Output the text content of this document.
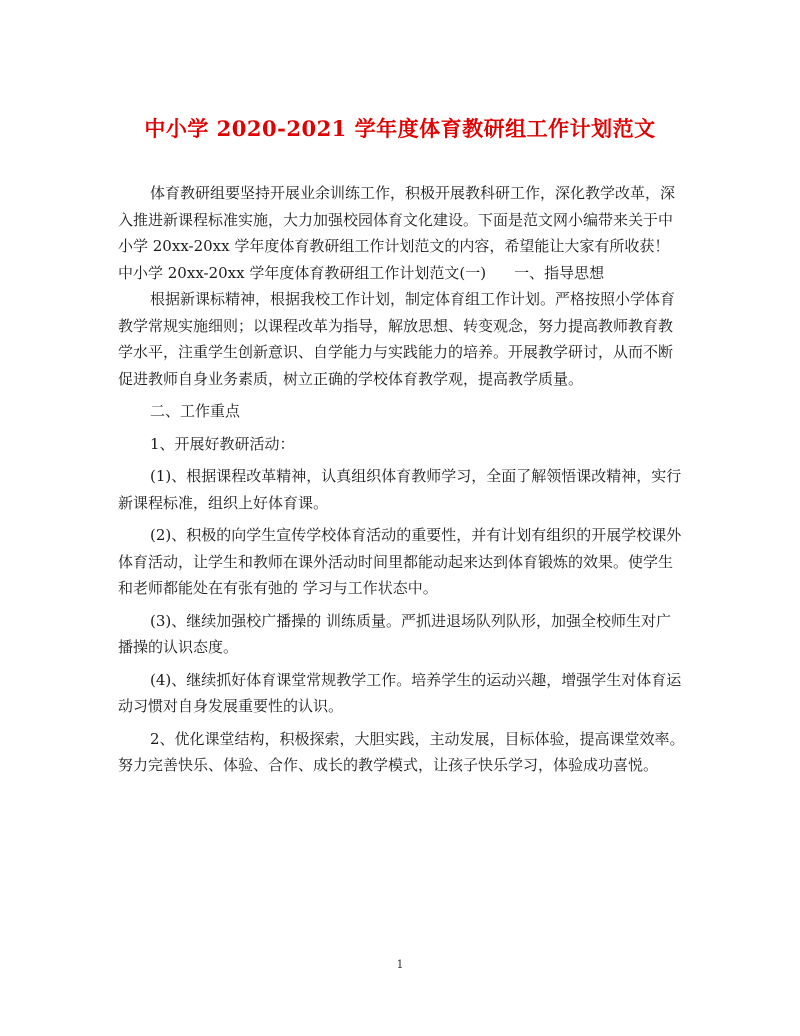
中小学 2020-2021 学年度体育教研组工作计划范文

体育教研组要坚持开展业余训练工作，积极开展教科研工作，深化教学改革，深入推进新课程标准实施，大力加强校园体育文化建设。下面是范文网小编带来关于中小学 20xx-20xx 学年度体育教研组工作计划范文的内容，希望能让大家有所收获！

中小学 20xx-20xx 学年度体育教研组工作计划范文(一) 一、指导思想

根据新课标精神，根据我校工作计划，制定体育组工作计划。严格按照小学体育教学常规实施细则；以课程改革为指导，解放思想、转变观念，努力提高教师教育教学水平，注重学生创新意识、自学能力与实践能力的培养。开展教学研讨，从而不断促进教师自身业务素质，树立正确的学校体育教学观，提高教学质量。

二、工作重点

1、开展好教研活动：

(1)、根据课程改革精神，认真组织体育教师学习，全面了解领悟课改精神，实行新课程标准，组织上好体育课。

(2)、积极的向学生宣传学校体育活动的重要性，并有计划有组织的开展学校课外体育活动，让学生和教师在课外活动时间里都能动起来达到体育锻炼的效果。使学生和老师都能处在有张有弛的 学习与工作状态中。

(3)、继续加强校广播操的 训练质量。严抓进退场队列队形，加强全校师生对广播操的认识态度。

(4)、继续抓好体育课堂常规教学工作。培养学生的运动兴趣，增强学生对体育运动习惯对自身发展重要性的认识。

2、优化课堂结构，积极探索，大胆实践，主动发展，目标体验，提高课堂效率。努力完善快乐、体验、合作、成长的教学模式，让孩子快乐学习，体验成功喜悦。

1
